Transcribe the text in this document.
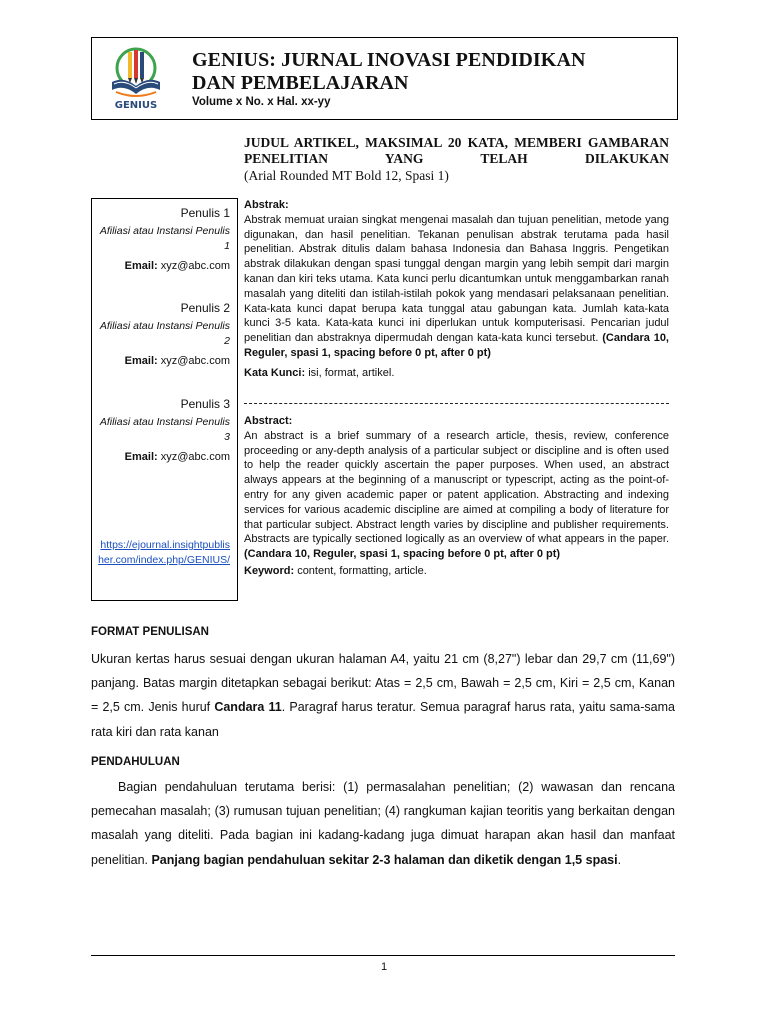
GENIUS
GENIUS: JURNAL INOVASI PENDIDIKAN
DAN PEMBELAJARAN
Volume x No. x Hal. xx-yy
JUDUL ARTIKEL, MAKSIMAL 20 KATA, MEMBERI GAMBARAN PENELITIAN YANG TELAH DILAKUKAN
(Arial Rounded MT Bold 12, Spasi 1)
Penulis 1
Afiliasi atau Instansi Penulis 1
Email: xyz@abc.com
Penulis 2
Afiliasi atau Instansi Penulis 2
Email: xyz@abc.com
Penulis 3
Afiliasi atau Instansi Penulis 3
Email: xyz@abc.com
https://ejournal.insightpublisher.com/index.php/GENIUS/
Abstrak:
Abstrak memuat uraian singkat mengenai masalah dan tujuan penelitian, metode yang digunakan, dan hasil penelitian. Tekanan penulisan abstrak terutama pada hasil penelitian. Abstrak ditulis dalam bahasa Indonesia dan Bahasa Inggris. Pengetikan abstrak dilakukan dengan spasi tunggal dengan margin yang lebih sempit dari margin kanan dan kiri teks utama. Kata kunci perlu dicantumkan untuk menggambarkan ranah masalah yang diteliti dan istilah-istilah pokok yang mendasari pelaksanaan penelitian. Kata-kata kunci dapat berupa kata tunggal atau gabungan kata. Jumlah kata-kata kunci 3-5 kata. Kata-kata kunci ini diperlukan untuk komputerisasi. Pencarian judul penelitian dan abstraknya dipermudah dengan kata-kata kunci tersebut. (Candara 10, Reguler, spasi 1, spacing before 0 pt, after 0 pt)
Kata Kunci: isi, format, artikel.
Abstract:
An abstract is a brief summary of a research article, thesis, review, conference proceeding or any-depth analysis of a particular subject or discipline and is often used to help the reader quickly ascertain the paper purposes. When used, an abstract always appears at the beginning of a manuscript or typescript, acting as the point-of-entry for any given academic paper or patent application. Abstracting and indexing services for various academic discipline are aimed at compiling a body of literature for that particular subject. Abstract length varies by discipline and publisher requirements. Abstracts are typically sectioned logically as an overview of what appears in the paper. (Candara 10, Reguler, spasi 1, spacing before 0 pt, after 0 pt)
Keyword: content, formatting, article.
FORMAT PENULISAN
Ukuran kertas harus sesuai dengan ukuran halaman A4, yaitu 21 cm (8,27") lebar dan 29,7 cm (11,69") panjang. Batas margin ditetapkan sebagai berikut: Atas = 2,5 cm, Bawah = 2,5 cm, Kiri = 2,5 cm, Kanan = 2,5 cm. Jenis huruf Candara 11. Paragraf harus teratur. Semua paragraf harus rata, yaitu sama-sama rata kiri dan rata kanan
PENDAHULUAN
Bagian pendahuluan terutama berisi: (1) permasalahan penelitian; (2) wawasan dan rencana pemecahan masalah; (3) rumusan tujuan penelitian; (4) rangkuman kajian teoritis yang berkaitan dengan masalah yang diteliti. Pada bagian ini kadang-kadang juga dimuat harapan akan hasil dan manfaat penelitian. Panjang bagian pendahuluan sekitar 2-3 halaman dan diketik dengan 1,5 spasi.
1
